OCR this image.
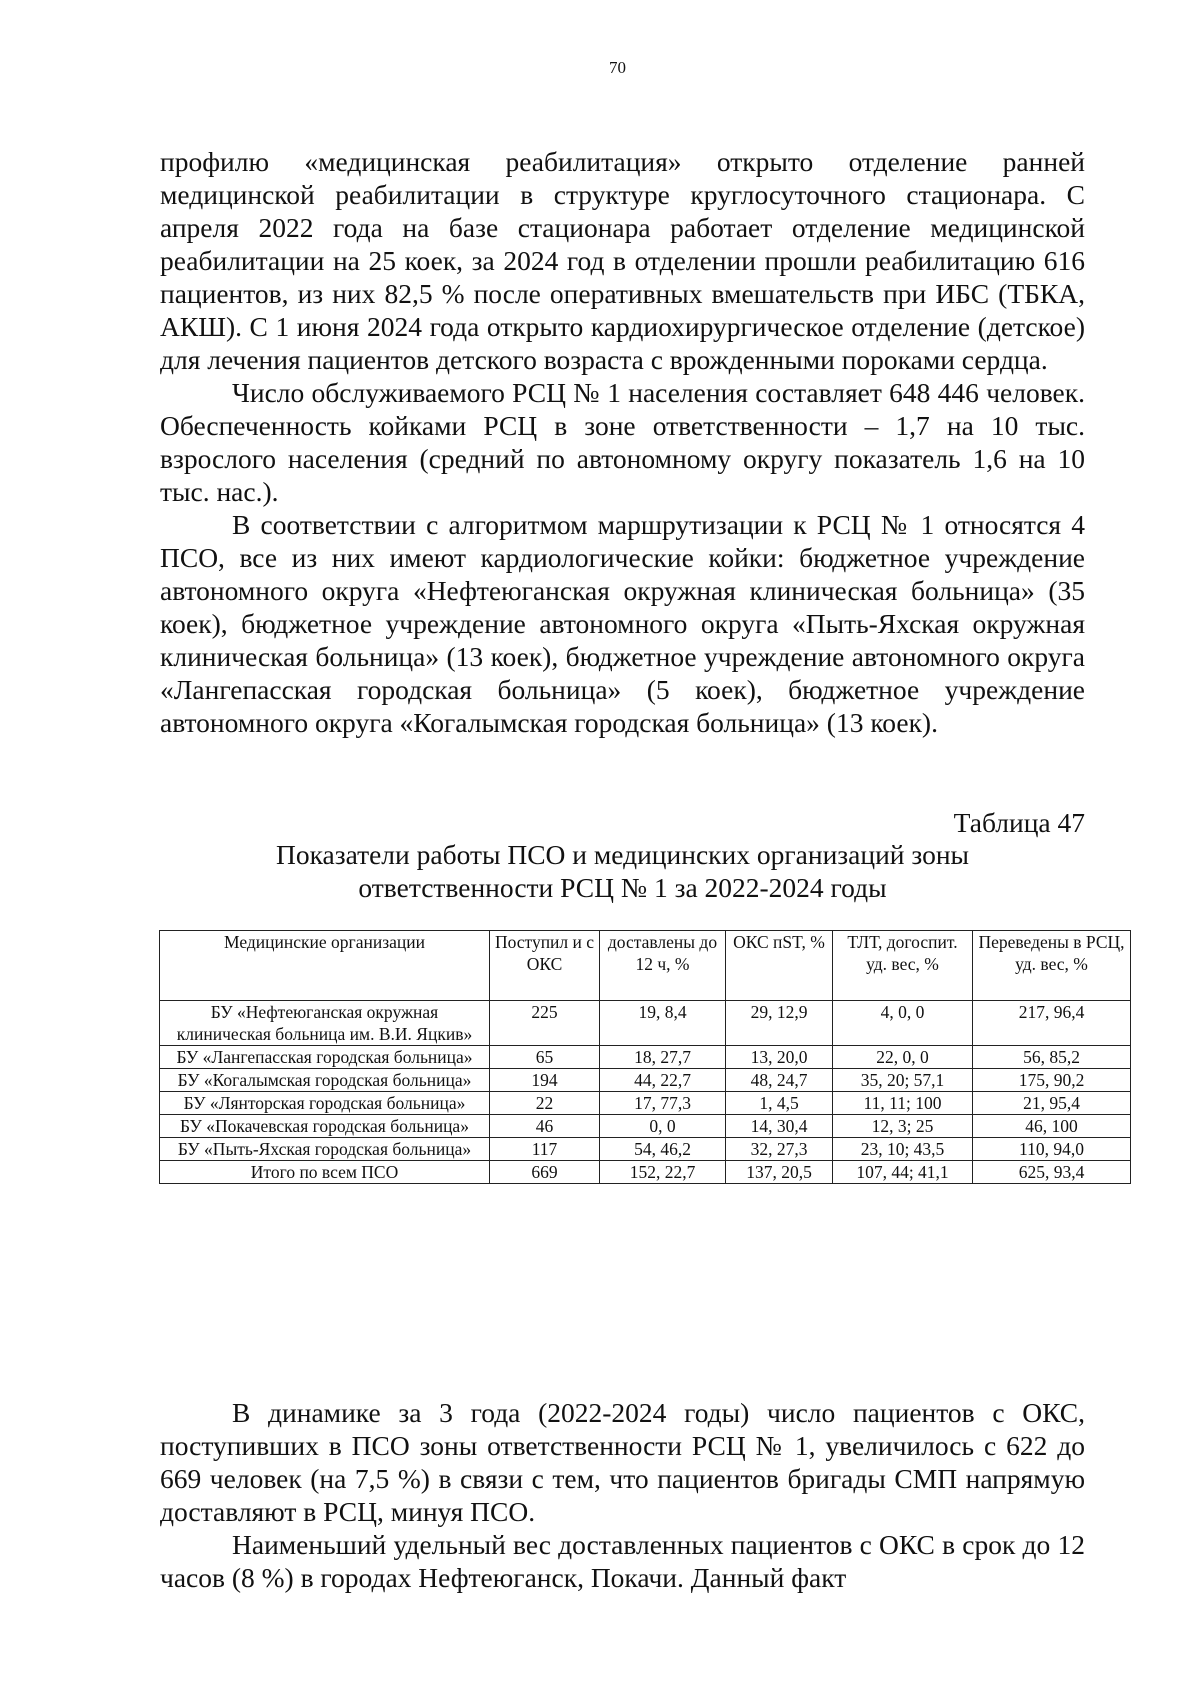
70

профилю «медицинская реабилитация» открыто отделение ранней медицинской реабилитации в структуре круглосуточного стационара. С апреля 2022 года на базе стационара работает отделение медицинской реабилитации на 25 коек, за 2024 год в отделении прошли реабилитацию 616 пациентов, из них 82,5 % после оперативных вмешательств при ИБС (ТБКА, АКШ). С 1 июня 2024 года открыто кардиохирургическое отделение (детское) для лечения пациентов детского возраста с врожденными пороками сердца.

Число обслуживаемого РСЦ № 1 населения составляет 648 446 человек. Обеспеченность койками РСЦ в зоне ответственности – 1,7 на 10 тыс. взрослого населения (средний по автономному округу показатель 1,6 на 10 тыс. нас.).

В соответствии с алгоритмом маршрутизации к РСЦ № 1 относятся 4 ПСО, все из них имеют кардиологические койки: бюджетное учреждение автономного округа «Нефтеюганская окружная клиническая больница» (35 коек), бюджетное учреждение автономного округа «Пыть-Яхская окружная клиническая больница» (13 коек), бюджетное учреждение автономного округа «Лангепасская городская больница» (5 коек), бюджетное учреждение автономного округа «Когалымская городская больница» (13 коек).

Таблица 47
Показатели работы ПСО и медицинских организаций зоны
ответственности РСЦ № 1 за 2022-2024 годы
Медицинские организации	Поступил и с ОКС	доставлены до 12 ч, %	ОКС пST, %	ТЛТ, догоспит. уд. вес, %	Переведены в РСЦ, уд. вес, %
БУ «Нефтеюганская окружная клиническая больница им. В.И. Яцкив»	225	19, 8,4	29, 12,9	4, 0, 0	217, 96,4
БУ «Лангепасская городская больница»	65	18, 27,7	13, 20,0	22, 0, 0	56, 85,2
БУ «Когалымская городская больница»	194	44, 22,7	48, 24,7	35, 20; 57,1	175, 90,2
БУ «Лянторская городская больница»	22	17, 77,3	1, 4,5	11, 11; 100	21, 95,4
БУ «Покачевская городская больница»	46	0, 0	14, 30,4	12, 3; 25	46, 100
БУ «Пыть-Яхская городская больница»	117	54, 46,2	32, 27,3	23, 10; 43,5	110, 94,0
Итого по всем ПСО	669	152, 22,7	137, 20,5	107, 44; 41,1	625, 93,4

В динамике за 3 года (2022-2024 годы) число пациентов с ОКС, поступивших в ПСО зоны ответственности РСЦ № 1, увеличилось с 622 до 669 человек (на 7,5 %) в связи с тем, что пациентов бригады СМП напрямую доставляют в РСЦ, минуя ПСО.

Наименьший удельный вес доставленных пациентов с ОКС в срок до 12 часов (8 %) в городах Нефтеюганск, Покачи. Данный факт
